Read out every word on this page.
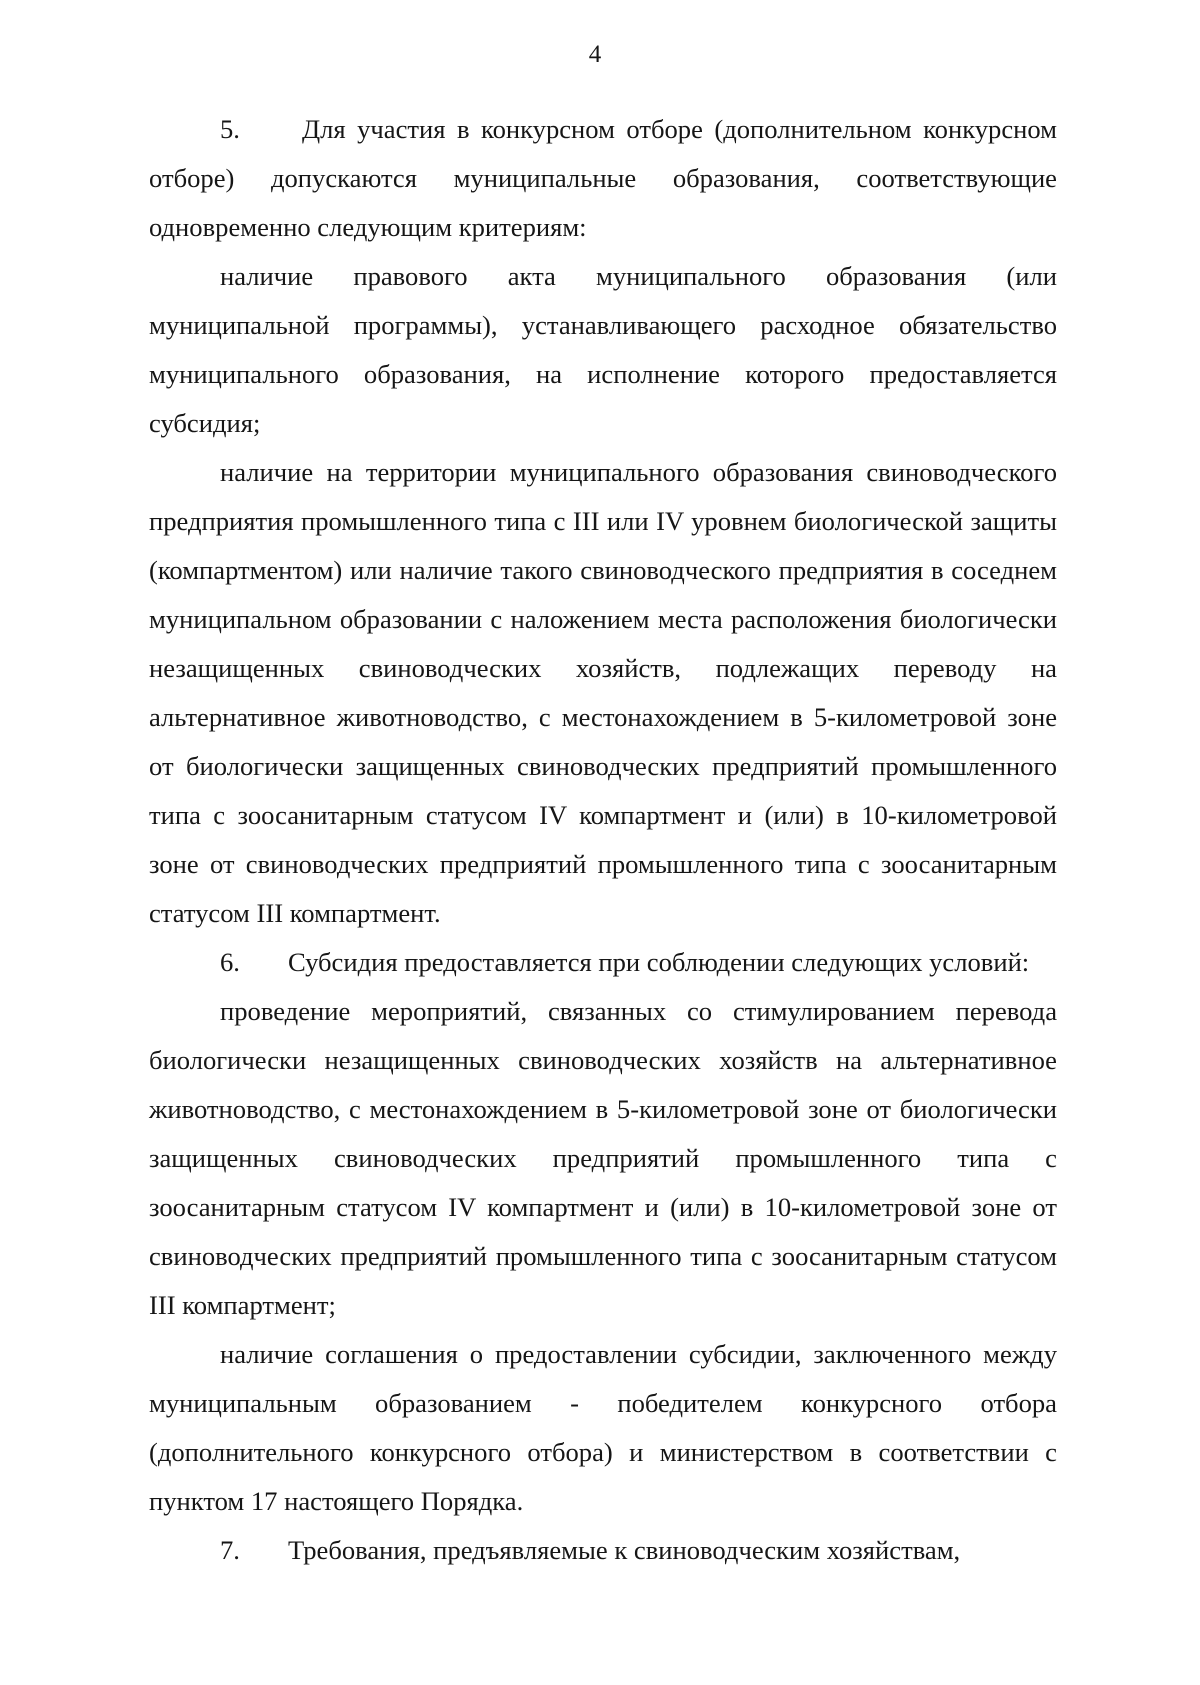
4

5. Для участия в конкурсном отборе (дополнительном конкурсном отборе) допускаются муниципальные образования, соответствующие одновременно следующим критериям:

наличие правового акта муниципального образования (или муниципальной программы), устанавливающего расходное обязательство муниципального образования, на исполнение которого предоставляется субсидия;

наличие на территории муниципального образования свиноводческого предприятия промышленного типа с III или IV уровнем биологической защиты (компартментом) или наличие такого свиноводческого предприятия в соседнем муниципальном образовании с наложением места расположения биологически незащищенных свиноводческих хозяйств, подлежащих переводу на альтернативное животноводство, с местонахождением в 5-километровой зоне от биологически защищенных свиноводческих предприятий промышленного типа с зоосанитарным статусом IV компартмент и (или) в 10-километровой зоне от свиноводческих предприятий промышленного типа с зоосанитарным статусом III компартмент.

6. Субсидия предоставляется при соблюдении следующих условий:

проведение мероприятий, связанных со стимулированием перевода биологически незащищенных свиноводческих хозяйств на альтернативное животноводство, с местонахождением в 5-километровой зоне от биологически защищенных свиноводческих предприятий промышленного типа с зоосанитарным статусом IV компартмент и (или) в 10-километровой зоне от свиноводческих предприятий промышленного типа с зоосанитарным статусом III компартмент;

наличие соглашения о предоставлении субсидии, заключенного между муниципальным образованием - победителем конкурсного отбора (дополнительного конкурсного отбора) и министерством в соответствии с пунктом 17 настоящего Порядка.

7. Требования, предъявляемые к свиноводческим хозяйствам,
